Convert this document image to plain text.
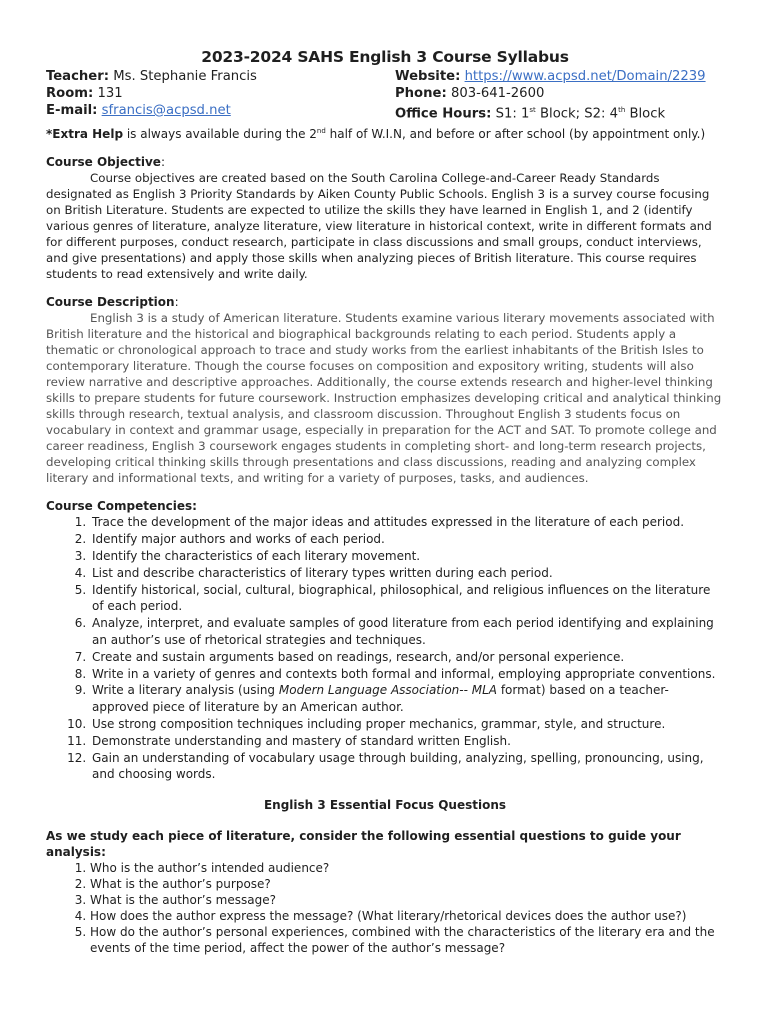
2023-2024 SAHS English 3 Course Syllabus
Teacher: Ms. Stephanie Francis	Website: https://www.acpsd.net/Domain/2239
Room: 131	Phone: 803-641-2600
E-mail: sfrancis@acpsd.net	Office Hours: S1: 1st Block; S2: 4th Block
*Extra Help is always available during the 2nd half of W.I.N, and before or after school (by appointment only.)
Course Objective:

Course objectives are created based on the South Carolina College-and-Career Ready Standards designated as English 3 Priority Standards by Aiken County Public Schools. English 3 is a survey course focusing on British Literature. Students are expected to utilize the skills they have learned in English 1, and 2 (identify various genres of literature, analyze literature, view literature in historical context, write in different formats and for different purposes, conduct research, participate in class discussions and small groups, conduct interviews, and give presentations) and apply those skills when analyzing pieces of British literature. This course requires students to read extensively and write daily.

Course Description:

English 3 is a study of American literature. Students examine various literary movements associated with British literature and the historical and biographical backgrounds relating to each period. Students apply a thematic or chronological approach to trace and study works from the earliest inhabitants of the British Isles to contemporary literature. Though the course focuses on composition and expository writing, students will also review narrative and descriptive approaches. Additionally, the course extends research and higher-level thinking skills to prepare students for future coursework. Instruction emphasizes developing critical and analytical thinking skills through research, textual analysis, and classroom discussion. Throughout English 3 students focus on vocabulary in context and grammar usage, especially in preparation for the ACT and SAT. To promote college and career readiness, English 3 coursework engages students in completing short- and long-term research projects, developing critical thinking skills through presentations and class discussions, reading and analyzing complex literary and informational texts, and writing for a variety of purposes, tasks, and audiences.

Course Competencies:
1. Trace the development of the major ideas and attitudes expressed in the literature of each period.
2. Identify major authors and works of each period.
3. Identify the characteristics of each literary movement.
4. List and describe characteristics of literary types written during each period.
5. Identify historical, social, cultural, biographical, philosophical, and religious influences on the literature of each period.
6. Analyze, interpret, and evaluate samples of good literature from each period identifying and explaining an author’s use of rhetorical strategies and techniques.
7. Create and sustain arguments based on readings, research, and/or personal experience.
8. Write in a variety of genres and contexts both formal and informal, employing appropriate conventions.
9. Write a literary analysis (using Modern Language Association-- MLA format) based on a teacher-approved piece of literature by an American author.
10. Use strong composition techniques including proper mechanics, grammar, style, and structure.
11. Demonstrate understanding and mastery of standard written English.
12. Gain an understanding of vocabulary usage through building, analyzing, spelling, pronouncing, using, and choosing words.
English 3 Essential Focus Questions
As we study each piece of literature, consider the following essential questions to guide your analysis:
1. Who is the author’s intended audience?
2. What is the author’s purpose?
3. What is the author’s message?
4. How does the author express the message? (What literary/rhetorical devices does the author use?)
5. How do the author’s personal experiences, combined with the characteristics of the literary era and the events of the time period, affect the power of the author’s message?
